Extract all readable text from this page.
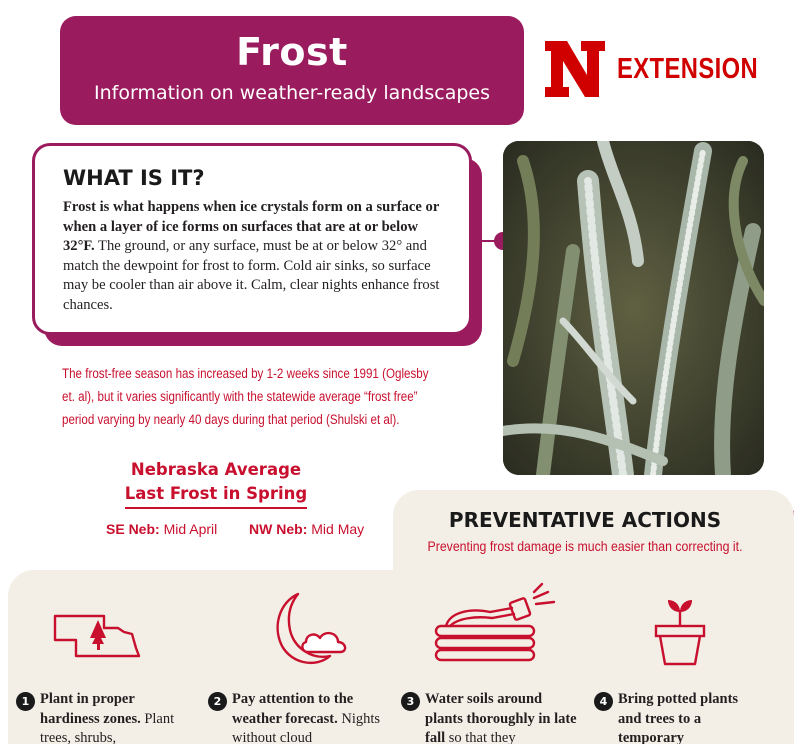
Frost
Information on weather-ready landscapes
EXTENSION
WHAT IS IT?

Frost is what happens when ice crystals form on a surface or when a layer of ice forms on surfaces that are at or below 32°F. The ground, or any surface, must be at or below 32° and match the dewpoint for frost to form. Cold air sinks, so surface may be cooler than air above it. Calm, clear nights enhance frost chances.

The frost-free season has increased by 1-2 weeks since 1991 (Oglesby et. al), but it varies significantly with the statewide average “frost free” period varying by nearly 40 days during that period (Shulski et al).
Nebraska Average
Last Frost in Spring
SE Neb: Mid April NW Neb: Mid May	PREVENTATIVE ACTIONS
Preventing frost damage is much easier than correcting it.
1 Plant in proper hardiness zones. Plant trees, shrubs,
2 Pay attention to the weather forecast. Nights without cloud
3 Water soils around plants thoroughly in late fall so that they
4 Bring potted plants and trees to a temporary
